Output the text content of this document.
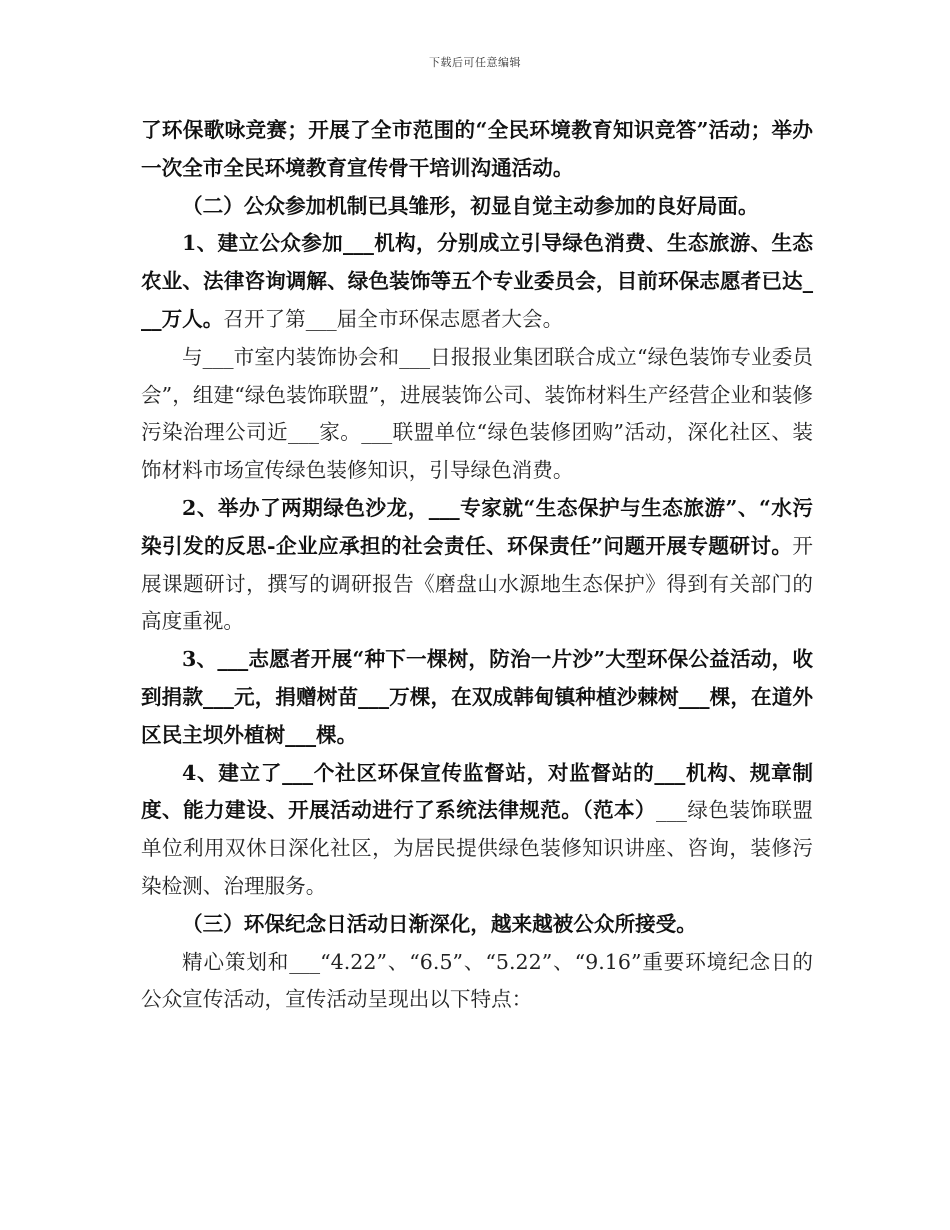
下载后可任意编辑

了环保歌咏竞赛；开展了全市范围的“全民环境教育知识竞答”活动；举办一次全市全民环境教育宣传骨干培训沟通活动。

（二）公众参加机制已具雏形，初显自觉主动参加的良好局面。

1、建立公众参加___机构，分别成立引导绿色消费、生态旅游、生态农业、法律咨询调解、绿色装饰等五个专业委员会，目前环保志愿者已达___万人。召开了第___届全市环保志愿者大会。

与___市室内装饰协会和___日报报业集团联合成立“绿色装饰专业委员会”，组建“绿色装饰联盟”，进展装饰公司、装饰材料生产经营企业和装修污染治理公司近___家。___联盟单位“绿色装修团购”活动，深化社区、装饰材料市场宣传绿色装修知识，引导绿色消费。

2、举办了两期绿色沙龙，___专家就“生态保护与生态旅游”、“水污染引发的反思-企业应承担的社会责任、环保责任”问题开展专题研讨。开展课题研讨，撰写的调研报告《磨盘山水源地生态保护》得到有关部门的高度重视。

3、___志愿者开展“种下一棵树，防治一片沙”大型环保公益活动，收到捐款___元，捐赠树苗___万棵，在双成韩甸镇种植沙棘树___棵，在道外区民主坝外植树___棵。

4、建立了___个社区环保宣传监督站，对监督站的___机构、规章制度、能力建设、开展活动进行了系统法律规范。（范本）___绿色装饰联盟单位利用双休日深化社区，为居民提供绿色装修知识讲座、咨询，装修污染检测、治理服务。

（三）环保纪念日活动日渐深化，越来越被公众所接受。

精心策划和___“4.22”、“6.5”、“5.22”、“9.16”重要环境纪念日的公众宣传活动，宣传活动呈现出以下特点：
